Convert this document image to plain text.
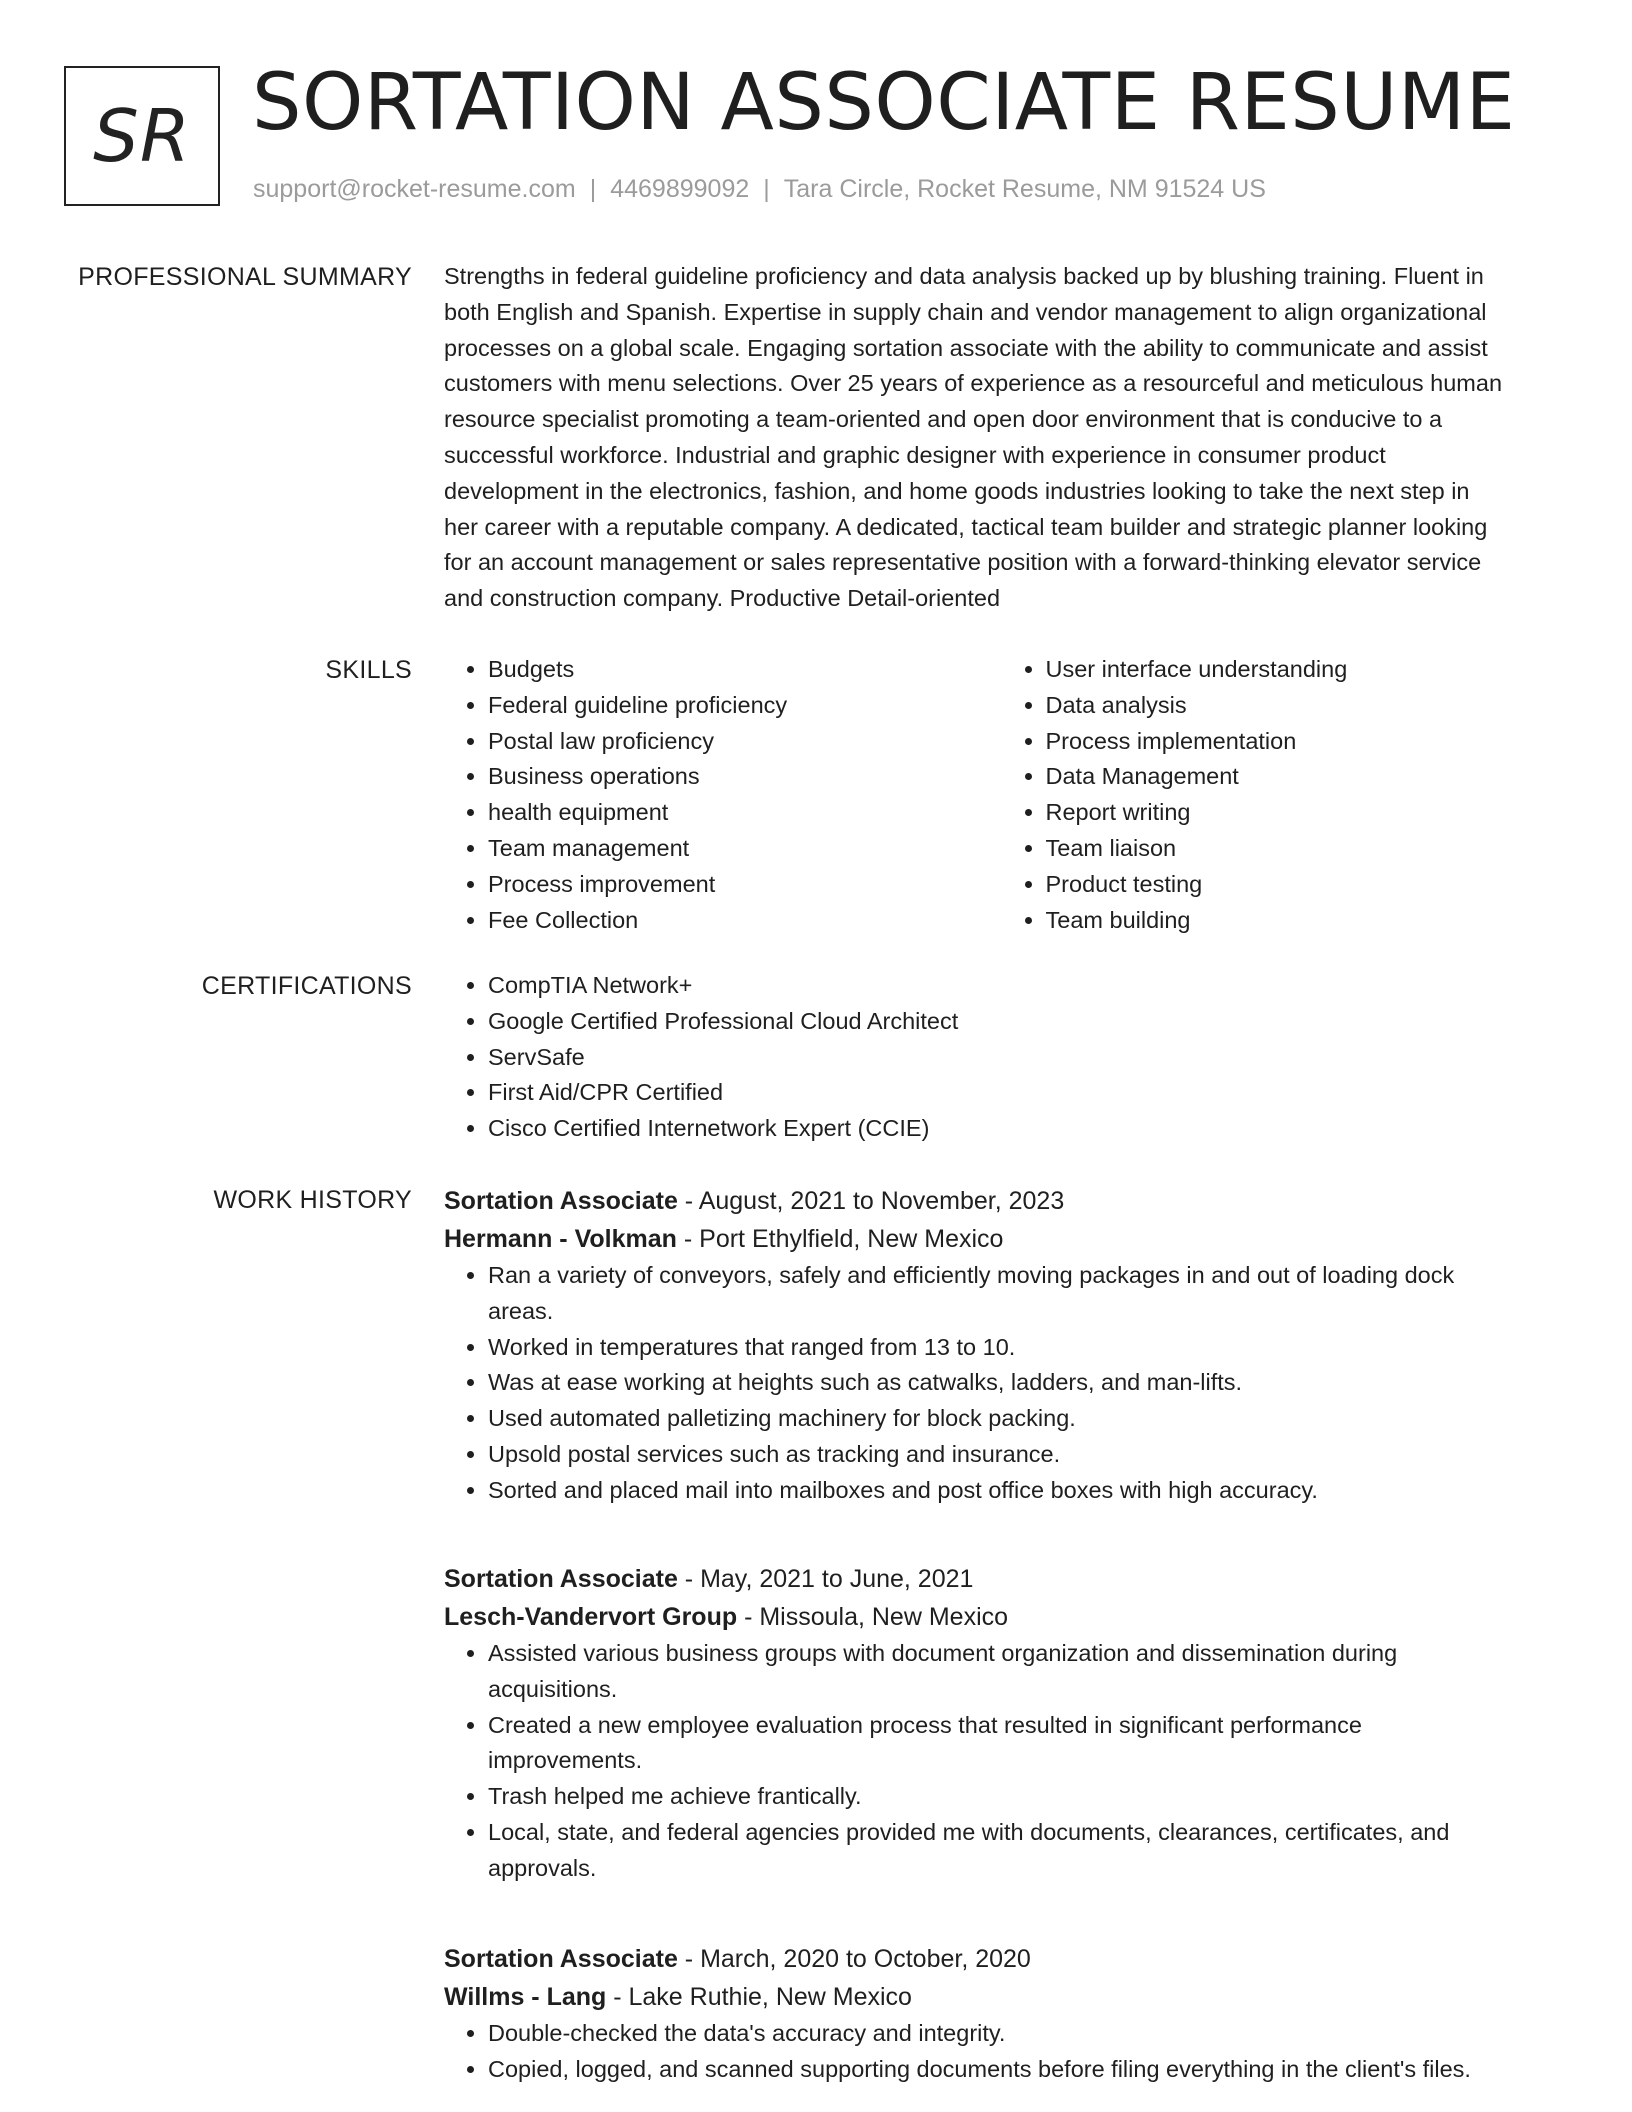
SR SORTATION ASSOCIATE RESUME
support@rocket-resume.com | 4469899092 | Tara Circle, Rocket Resume, NM 91524 US
PROFESSIONAL SUMMARY Strengths in federal guideline proficiency and data analysis backed up by blushing training. Fluent in
both English and Spanish. Expertise in supply chain and vendor management to align organizational
processes on a global scale. Engaging sortation associate with the ability to communicate and assist
customers with menu selections. Over 25 years of experience as a resourceful and meticulous human
resource specialist promoting a team-oriented and open door environment that is conducive to a
successful workforce. Industrial and graphic designer with experience in consumer product
development in the electronics, fashion, and home goods industries looking to take the next step in
her career with a reputable company. A dedicated, tactical team builder and strategic planner looking
for an account management or sales representative position with a forward-thinking elevator service
and construction company. Productive Detail-oriented

SKILLS	• Budgets
• Federal guideline proficiency
• Postal law proficiency
• Business operations
• health equipment
• Team management
• Process improvement
• Fee Collection
• User interface understanding
• Data analysis
• Process implementation
• Data Management
• Report writing
• Team liaison
• Product testing
• Team building
CERTIFICATIONS	• CompTIA Network+
• Google Certified Professional Cloud Architect
• ServSafe
• First Aid/CPR Certified
• Cisco Certified Internetwork Expert (CCIE)
WORK HISTORY Sortation Associate - August, 2021 to November, 2023
Hermann - Volkman - Port Ethylfield, New Mexico
• Ran a variety of conveyors, safely and efficiently moving packages in and out of loading dock
areas.
• Worked in temperatures that ranged from 13 to 10.
• Was at ease working at heights such as catwalks, ladders, and man-lifts.
• Used automated palletizing machinery for block packing.
• Upsold postal services such as tracking and insurance.
• Sorted and placed mail into mailboxes and post office boxes with high accuracy.
Sortation Associate - May, 2021 to June, 2021
Lesch-Vandervort Group - Missoula, New Mexico
• Assisted various business groups with document organization and dissemination during
acquisitions.
• Created a new employee evaluation process that resulted in significant performance
improvements.
• Trash helped me achieve frantically.
• Local, state, and federal agencies provided me with documents, clearances, certificates, and
approvals.
Sortation Associate - March, 2020 to October, 2020
Willms - Lang - Lake Ruthie, New Mexico
• Double-checked the data's accuracy and integrity.
• Copied, logged, and scanned supporting documents before filing everything in the client's files.
